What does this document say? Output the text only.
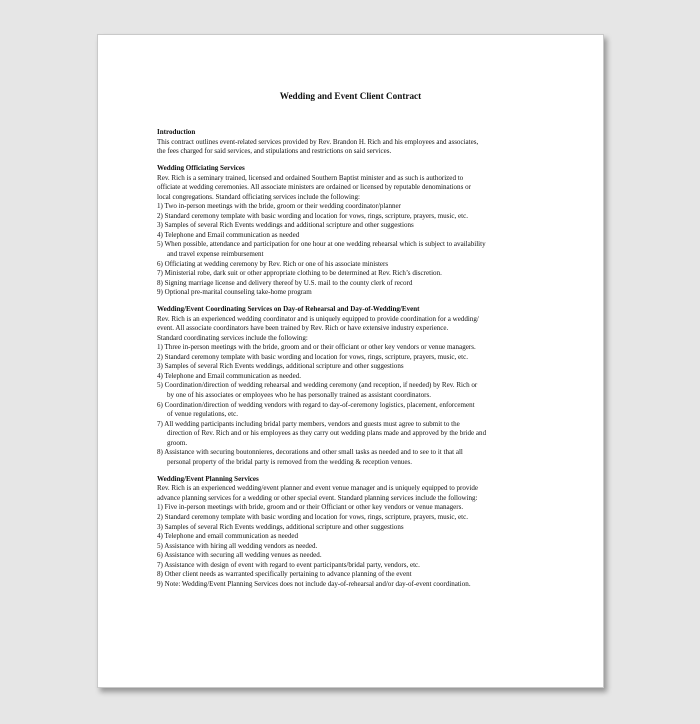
Wedding and Event Client Contract
Introduction
This contract outlines event-related services provided by Rev. Brandon H. Rich and his employees and associates,
the fees charged for said services, and stipulations and restrictions on said services.
Wedding Officiating Services
Rev. Rich is a seminary trained, licensed and ordained Southern Baptist minister and as such is authorized to
officiate at wedding ceremonies. All associate ministers are ordained or licensed by reputable denominations or
local congregations. Standard officiating services include the following:
1) Two in-person meetings with the bride, groom or their wedding coordinator/planner
2) Standard ceremony template with basic wording and location for vows, rings, scripture, prayers, music, etc.
3) Samples of several Rich Events weddings and additional scripture and other suggestions
4) Telephone and Email communication as needed
5) When possible, attendance and participation for one hour at one wedding rehearsal which is subject to availability
and travel expense reimbursement
6) Officiating at wedding ceremony by Rev. Rich or one of his associate ministers
7) Ministerial robe, dark suit or other appropriate clothing to be determined at Rev. Rich’s discretion.
8) Signing marriage license and delivery thereof by U.S. mail to the county clerk of record
9) Optional pre-marital counseling take-home program
Wedding/Event Coordinating Services on Day-of Rehearsal and Day-of-Wedding/Event
Rev. Rich is an experienced wedding coordinator and is uniquely equipped to provide coordination for a wedding/
event. All associate coordinators have been trained by Rev. Rich or have extensive industry experience.
Standard coordinating services include the following:
1) Three in-person meetings with the bride, groom and or their officiant or other key vendors or venue managers.
2) Standard ceremony template with basic wording and location for vows, rings, scripture, prayers, music, etc.
3) Samples of several Rich Events weddings, additional scripture and other suggestions
4) Telephone and Email communication as needed.
5) Coordination/direction of wedding rehearsal and wedding ceremony (and reception, if needed) by Rev. Rich or
by one of his associates or employees who he has personally trained as assistant coordinators.
6) Coordination/direction of wedding vendors with regard to day-of-ceremony logistics, placement, enforcement
of venue regulations, etc.
7) All wedding participants including bridal party members, vendors and guests must agree to submit to the
direction of Rev. Rich and or his employees as they carry out wedding plans made and approved by the bride and
groom.
8) Assistance with securing boutonnieres, decorations and other small tasks as needed and to see to it that all
personal property of the bridal party is removed from the wedding & reception venues.
Wedding/Event Planning Services
Rev. Rich is an experienced wedding/event planner and event venue manager and is uniquely equipped to provide
advance planning services for a wedding or other special event. Standard planning services include the following:
1) Five in-person meetings with bride, groom and or their Officiant or other key vendors or venue managers.
2) Standard ceremony template with basic wording and location for vows, rings, scripture, prayers, music, etc.
3) Samples of several Rich Events weddings, additional scripture and other suggestions
4) Telephone and email communication as needed
5) Assistance with hiring all wedding vendors as needed.
6) Assistance with securing all wedding venues as needed.
7) Assistance with design of event with regard to event participants/bridal party, vendors, etc.
8) Other client needs as warranted specifically pertaining to advance planning of the event
9) Note: Wedding/Event Planning Services does not include day-of-rehearsal and/or day-of-event coordination.
